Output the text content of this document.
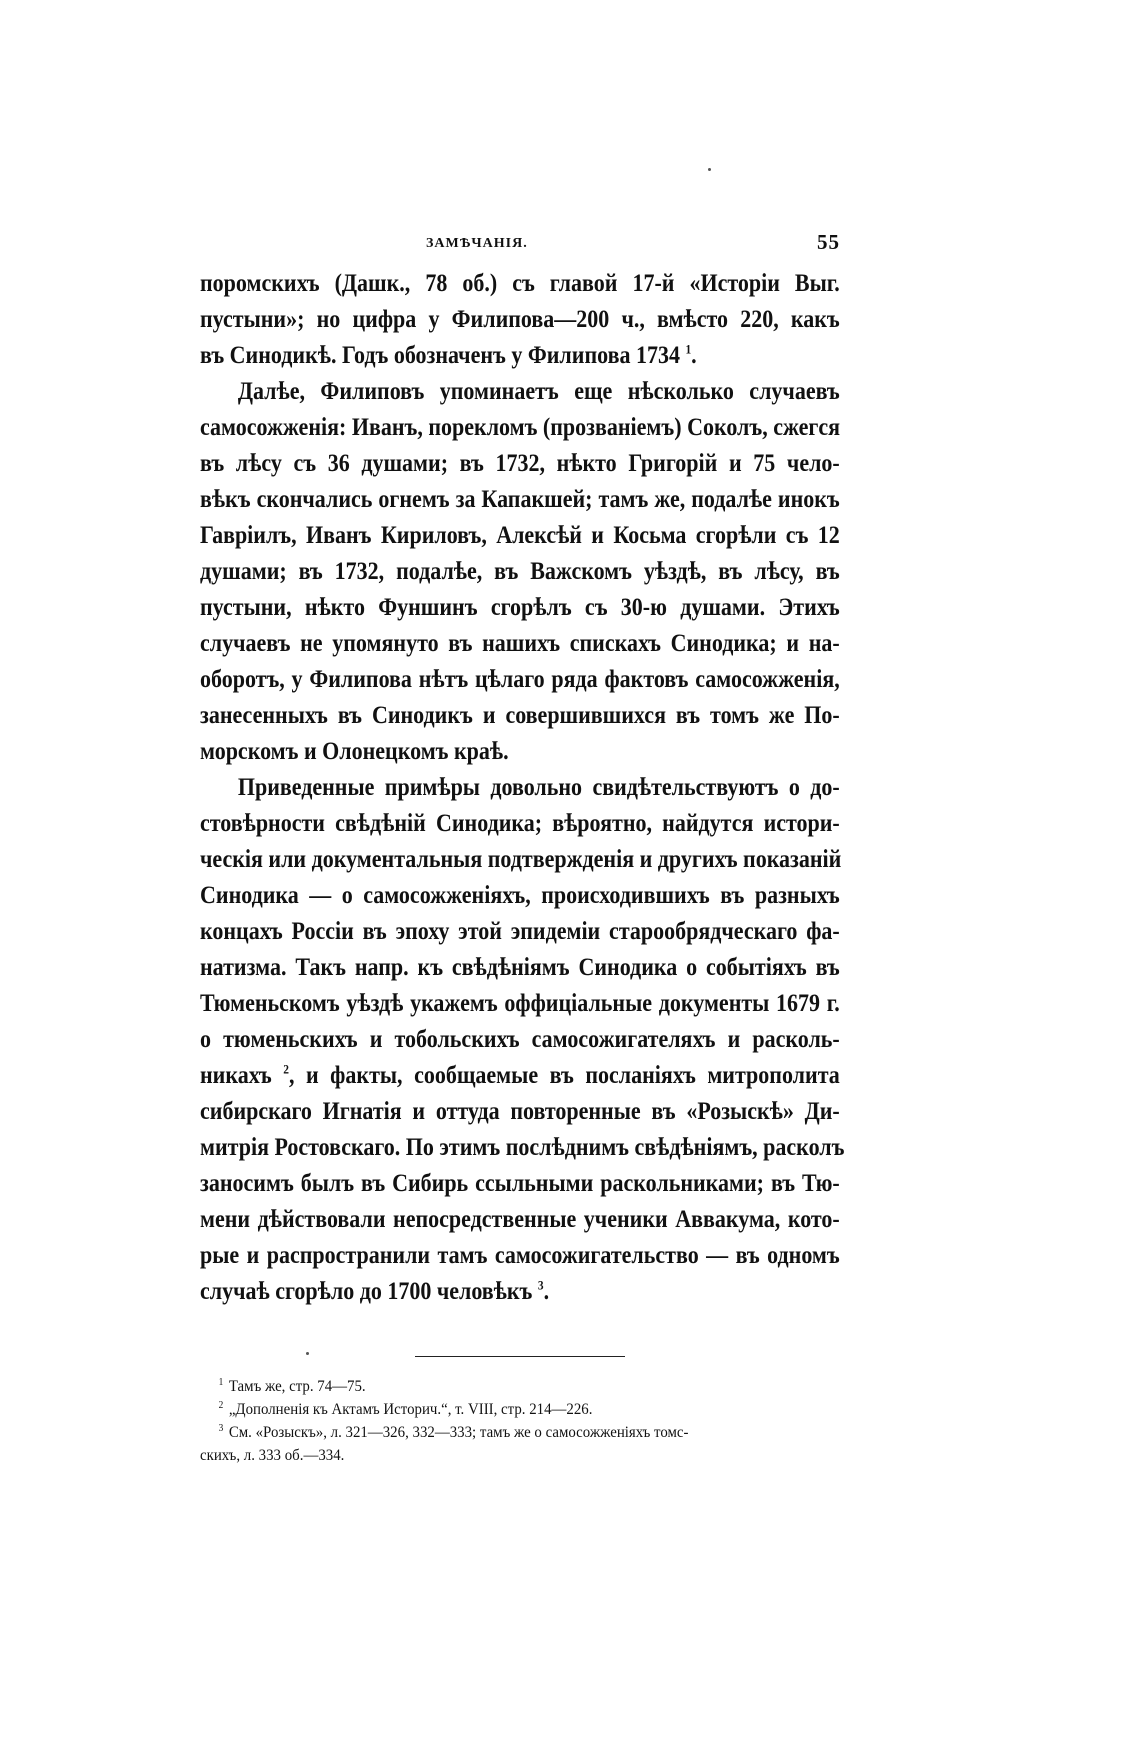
ЗАМѢЧАНІЯ.	55
поромскихъ (Дашк., 78 об.) съ главой 17-й «Исторіи Выг.
пустыни»; но цифра у Филипова—200 ч., вмѣсто 220, какъ
въ Синодикѣ. Годъ обозначенъ у Филипова 1734 $^1$.
Далѣе, Филиповъ упоминаетъ еще нѣсколько случаевъ
самосожженія: Иванъ, порекломъ (прозваніемъ) Соколъ, сжегся
въ лѣсу съ 36 душами; въ 1732, нѣкто Григорій и 75 чело-
вѣкъ скончались огнемъ за Капакшей; тамъ же, подалѣе инокъ
Гавріилъ, Иванъ Кириловъ, Алексѣй и Косьма сгорѣли съ 12
душами; въ 1732, подалѣе, въ Важскомъ уѣздѣ, въ лѣсу, въ
пустыни, нѣкто Фуншинъ сгорѣлъ съ 30-ю душами. Этихъ
случаевъ не упомянуто въ нашихъ спискахъ Синодика; и на-
оборотъ, у Филипова нѣтъ цѣлаго ряда фактовъ самосожженія,
занесенныхъ въ Синодикъ и совершившихся въ томъ же По-
морскомъ и Олонецкомъ краѣ.
Приведенные примѣры довольно свидѣтельствуютъ о до-
стовѣрности свѣдѣній Синодика; вѣроятно, найдутся истори-
ческія или документальныя подтвержденія и другихъ показаній
Синодика — о самосожженіяхъ, происходившихъ въ разныхъ
концахъ Россіи въ эпоху этой эпидеміи старообрядческаго фа-
натизма. Такъ напр. къ свѣдѣніямъ Синодика о событіяхъ въ
Тюменьскомъ уѣздѣ укажемъ оффиціальные документы 1679 г.
о тюменьскихъ и тобольскихъ самосожигателяхъ и расколь-
никахъ $^2$, и факты, сообщаемые въ посланіяхъ митрополита
сибирскаго Игнатія и оттуда повторенные въ «Розыскѣ» Ди-
митрія Ростовскаго. По этимъ послѣднимъ свѣдѣніямъ, расколъ
заносимъ былъ въ Сибирь ссыльными раскольниками; въ Тю-
мени дѣйствовали непосредственные ученики Аввакума, кото-
рые и распространили тамъ самосожигательство — въ одномъ
случаѣ сгорѣло до 1700 человѣкъ $^3$.
$^1$ Тамъ же, стр. 74—75.
$^2$ „Дополненія къ Актамъ Историч.“, т. VIII, стр. 214—226.
$^3$ См. «Розыскъ», л. 321—326, 332—333; тамъ же о самосожженіяхъ томс-
скихъ, л. 333 об.—334.
